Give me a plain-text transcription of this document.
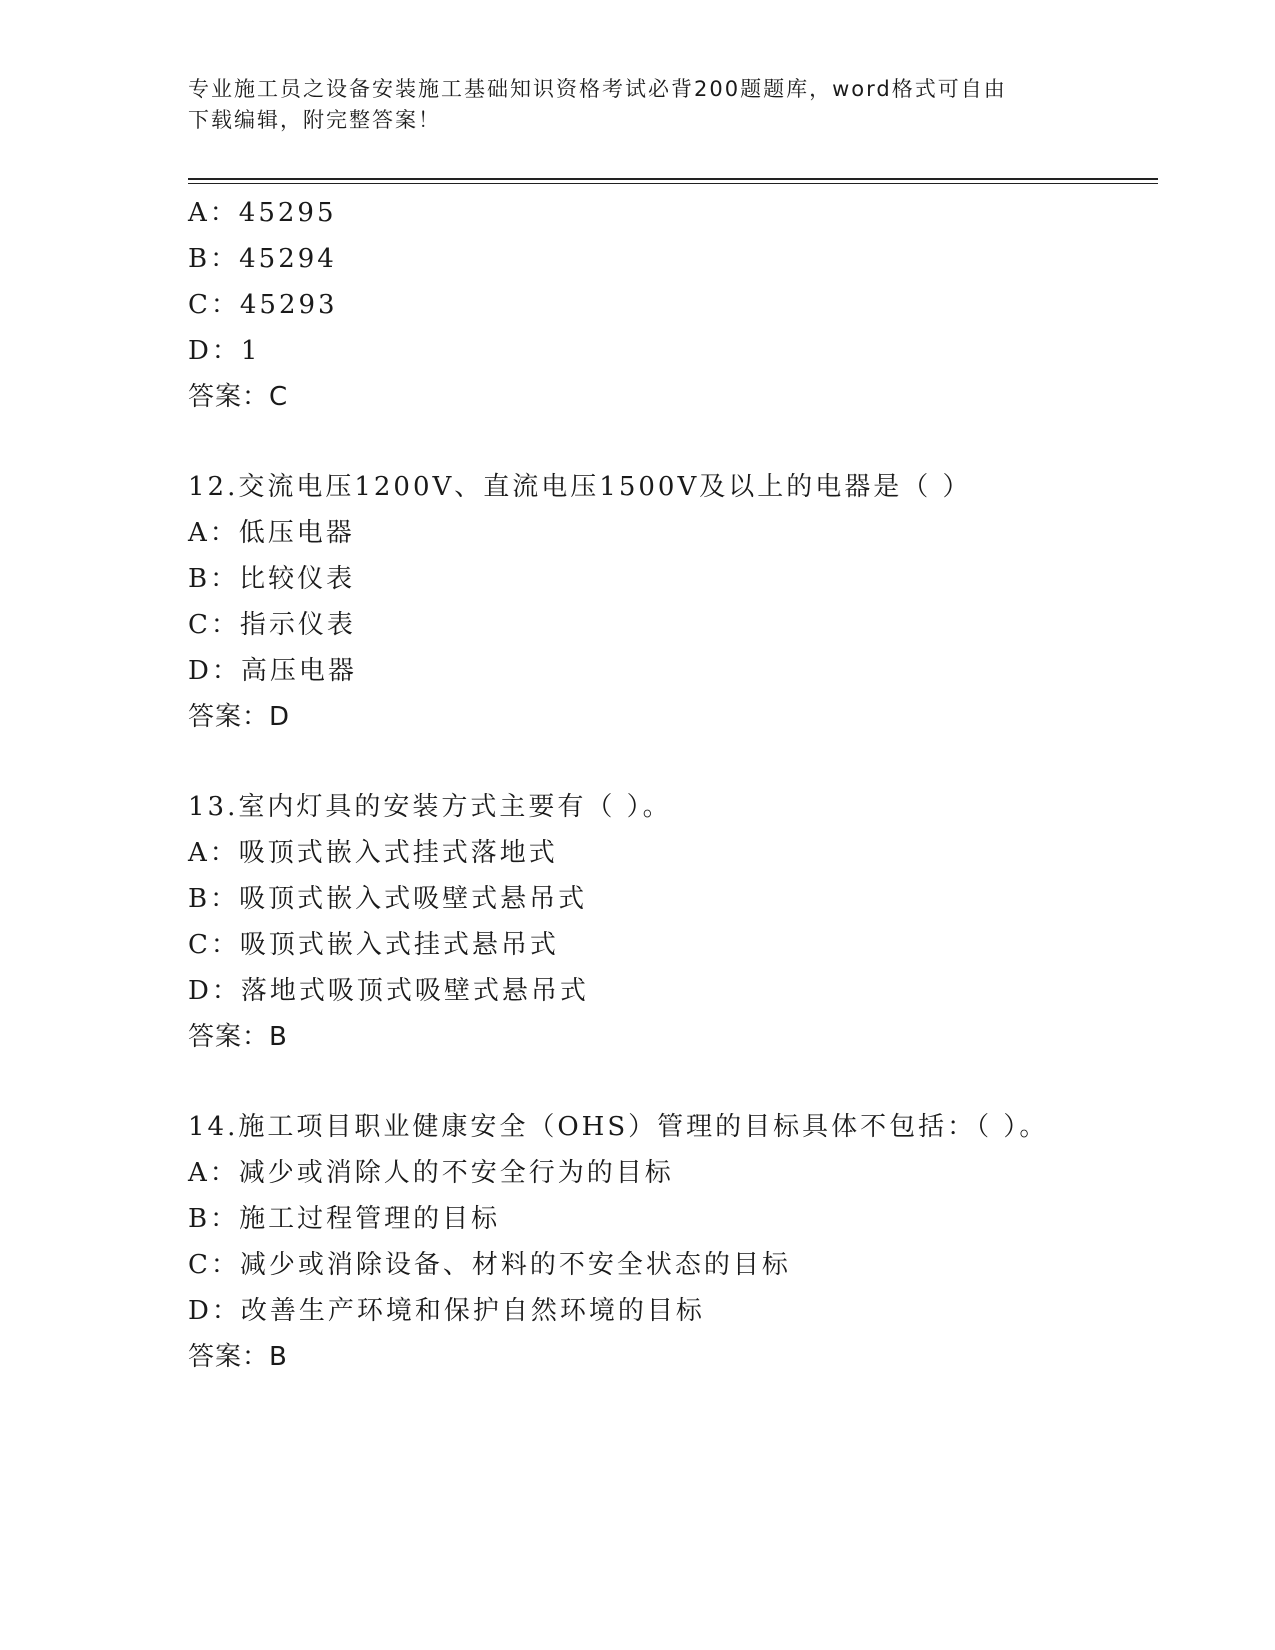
专业施工员之设备安装施工基础知识资格考试必背200题题库，word格式可自由
下载编辑，附完整答案！
A：45295
B：45294
C：45293
D：1
答案：C
12.交流电压1200V、直流电压1500V及以上的电器是（ ）
A：低压电器
B：比较仪表
C：指示仪表
D：高压电器
答案：D
13.室内灯具的安装方式主要有（ ）。
A：吸顶式嵌入式挂式落地式
B：吸顶式嵌入式吸壁式悬吊式
C：吸顶式嵌入式挂式悬吊式
D：落地式吸顶式吸壁式悬吊式
答案：B
14.施工项目职业健康安全（OHS）管理的目标具体不包括：（ ）。
A：减少或消除人的不安全行为的目标
B：施工过程管理的目标
C：减少或消除设备、材料的不安全状态的目标
D：改善生产环境和保护自然环境的目标
答案：B
